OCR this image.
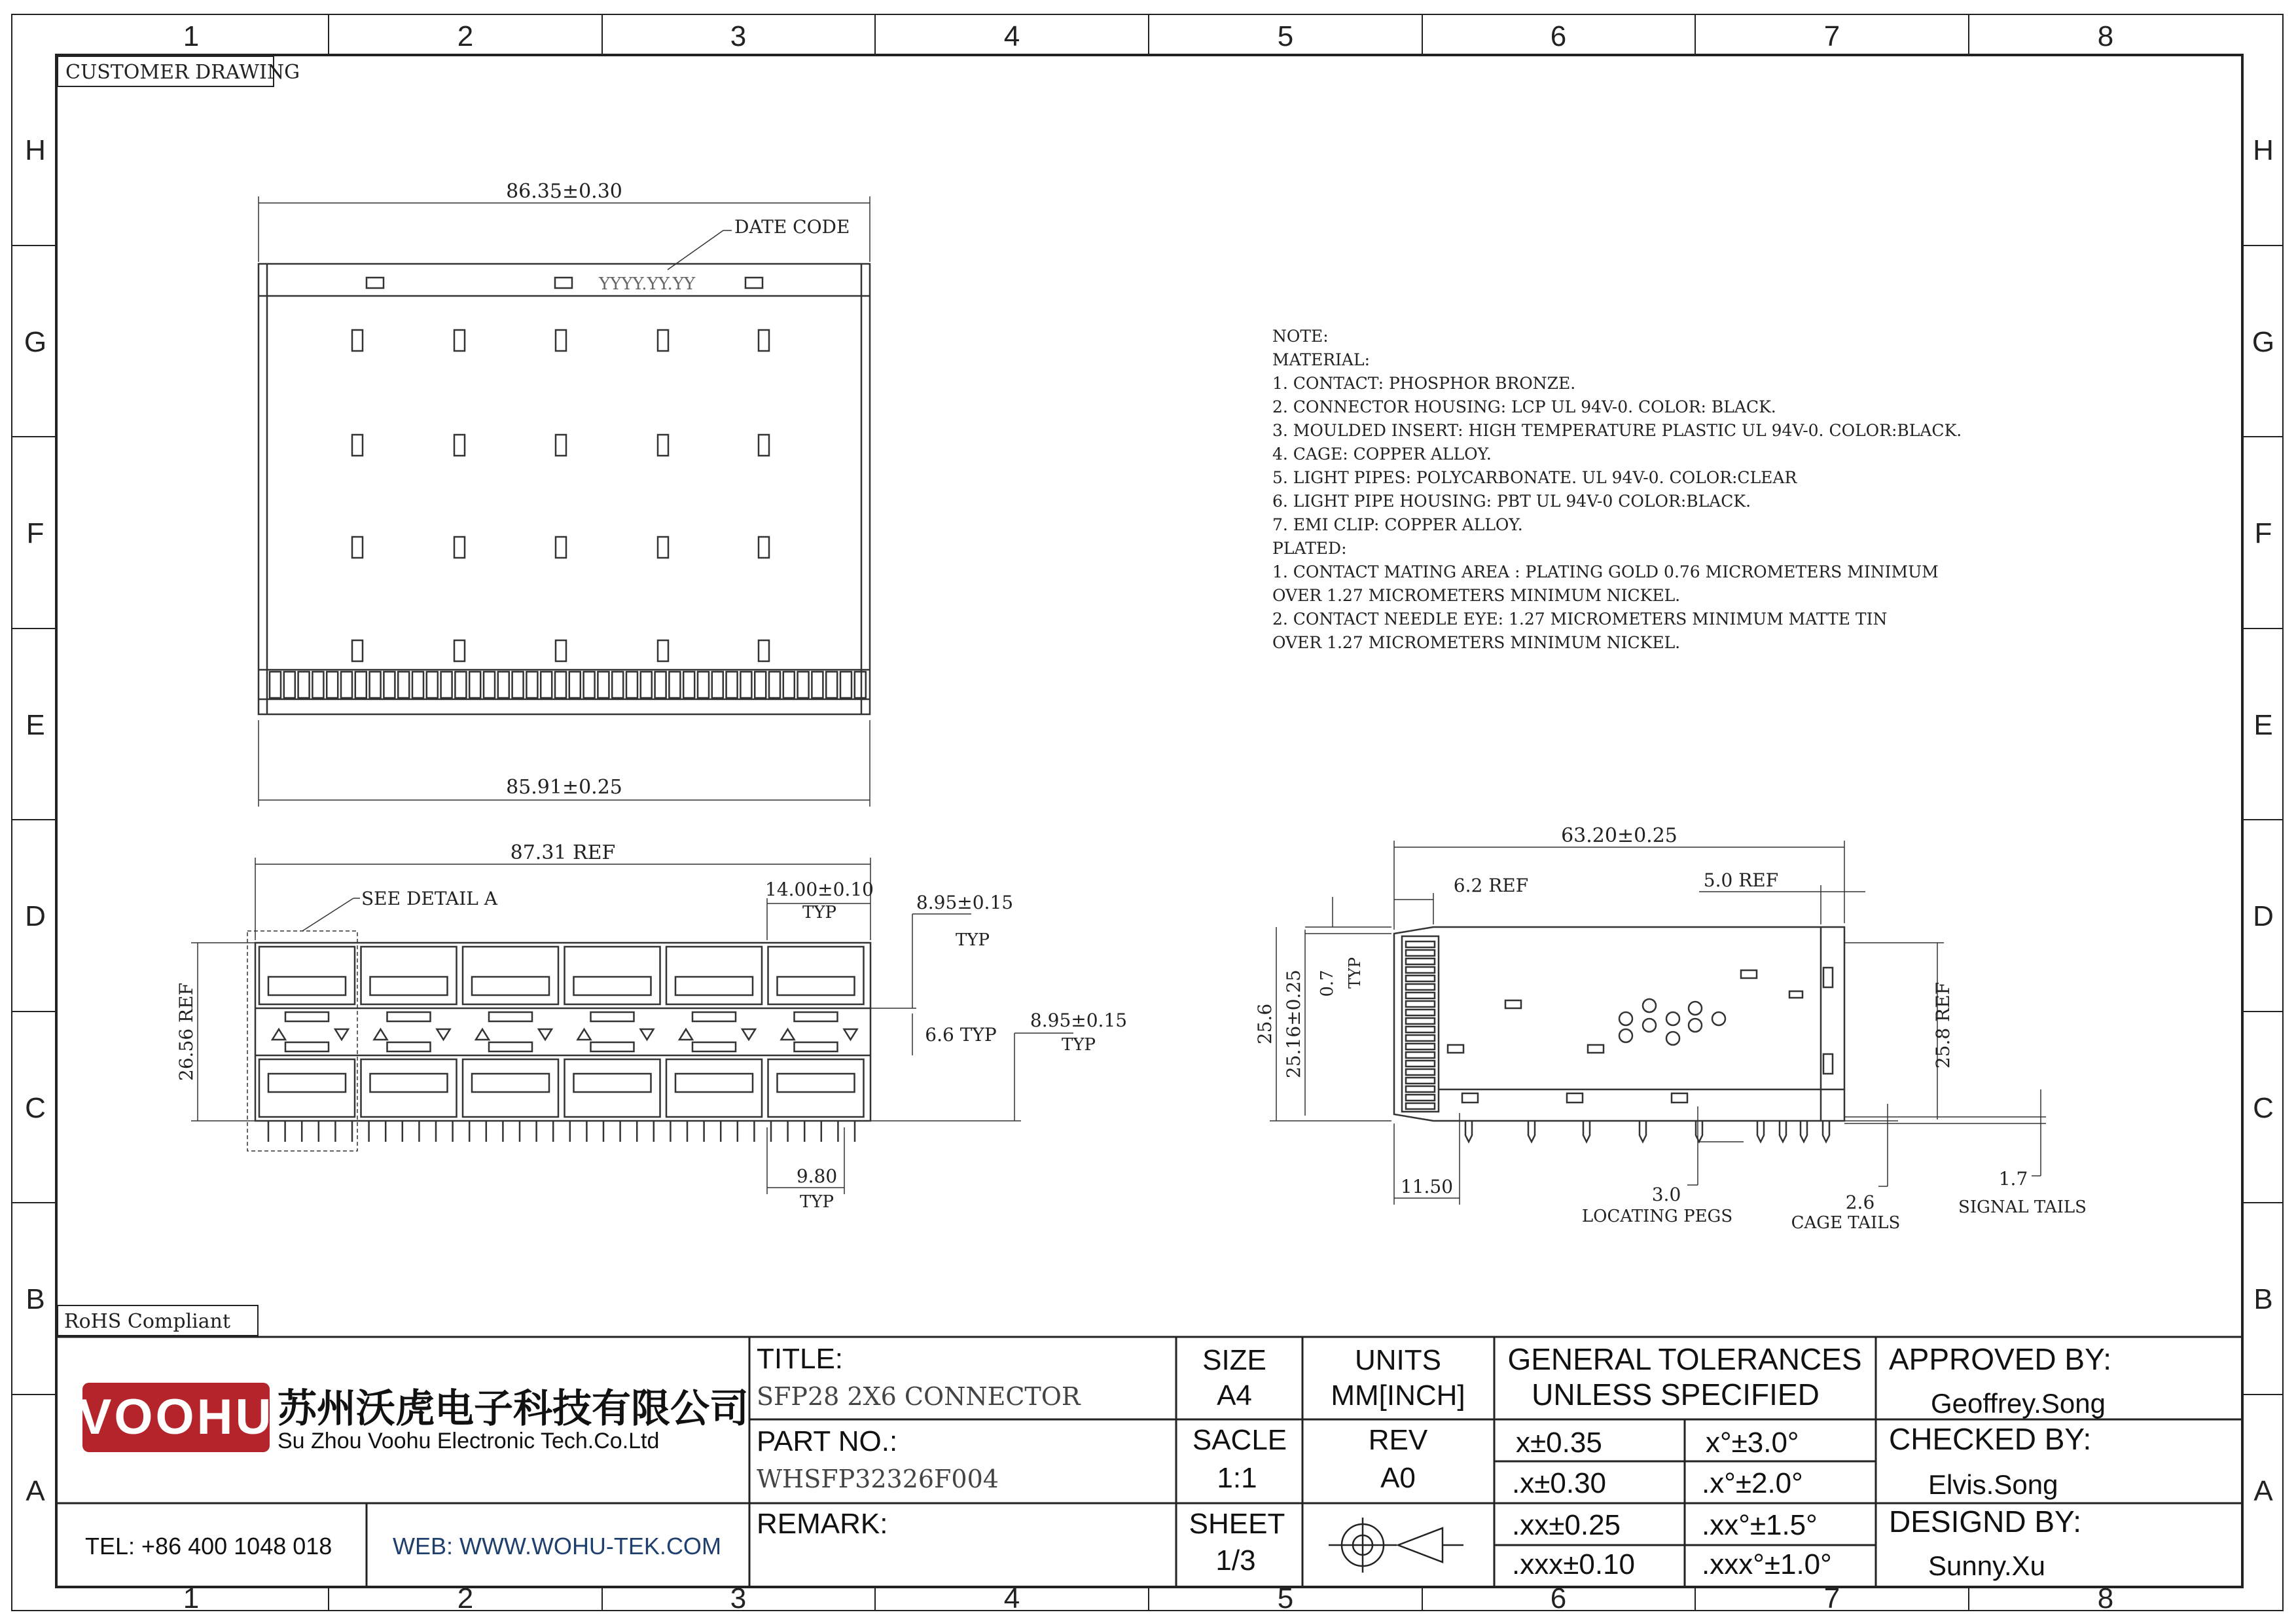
1	2	3	4	5	6	7	8
1	2	3	4	5	6	7	8
H
G
F
E
D
C
B
A
H
G
F
E
D
C
B
A
CUSTOMER DRAWING
RoHS Compliant
YYYY.YY.YY
86.35±0.30
85.91±0.25
DATE CODE
87.31 REF
SEE DETAIL A	14.00±0.10
TYP	8.95±0.15
TYP
6.6 TYP
8.95±0.15
TYP
26.56 REF
9.80
TYP
63.20±0.25
6.2 REF	5.0 REF
0.7 TYP
25.6 25.16±0.25	25.8 REF
11.50	3.0
LOCATING PEGS
2.6
CAGE TAILS
1.7
SIGNAL TAILS
NOTE:
MATERIAL:
1. CONTACT: PHOSPHOR BRONZE.
2. CONNECTOR HOUSING: LCP UL 94V-0. COLOR: BLACK.
3. MOULDED INSERT: HIGH TEMPERATURE PLASTIC UL 94V-0. COLOR:BLACK.
4. CAGE: COPPER ALLOY.
5. LIGHT PIPES: POLYCARBONATE. UL 94V-0. COLOR:CLEAR
6. LIGHT PIPE HOUSING: PBT UL 94V-0 COLOR:BLACK.
7. EMI CLIP: COPPER ALLOY.
PLATED:
1. CONTACT MATING AREA : PLATING GOLD 0.76 MICROMETERS MINIMUM
OVER 1.27 MICROMETERS MINIMUM NICKEL.
2. CONTACT NEEDLE EYE: 1.27 MICROMETERS MINIMUM MATTE TIN
OVER 1.27 MICROMETERS MINIMUM NICKEL.
VOOHU 苏州沃虎电子科技有限公司
Su Zhou Voohu Electronic Tech.Co.Ltd
TEL: +86 400 1048 018	WEB: WWW.WOHU-TEK.COM
TITLE:
SFP28 2X6 CONNECTOR
PART NO.:
WHSFP32326F004
REMARK:
SIZE
A4
UNITS
MM[INCH]
SACLE
1:1
REV
A0
SHEET
1/3
GENERAL TOLERANCES
UNLESS SPECIFIED
x±0.35	x°±3.0°
.x±0.30	.x°±2.0°
.xx±0.25	.xx°±1.5°
.xxx±0.10 .xxx°±1.0°
APPROVED BY:
Geoffrey.Song
CHECKED BY:
Elvis.Song
DESIGND BY:
Sunny.Xu
